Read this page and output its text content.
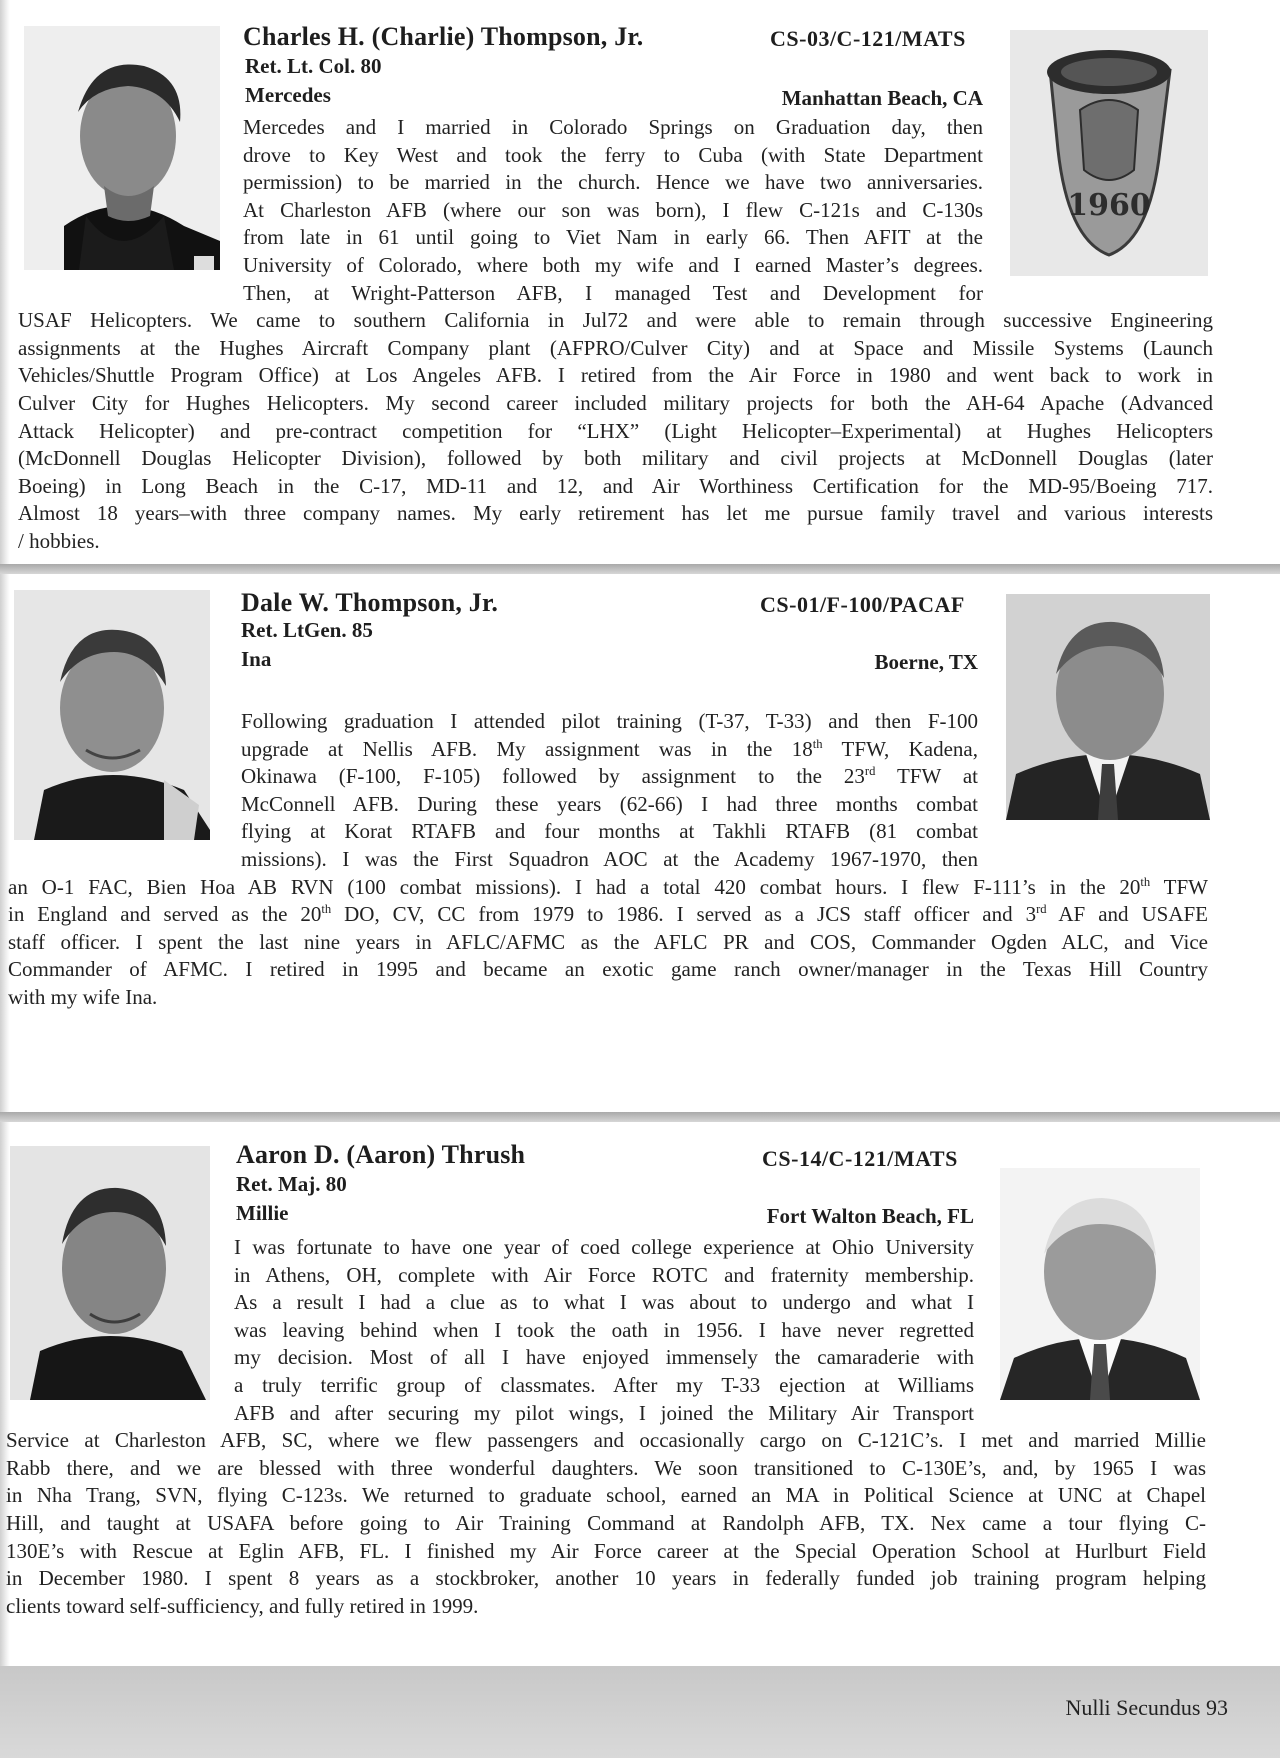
Charles H. (Charlie) Thompson, Jr.	CS-03/C-121/MATS
Ret. Lt. Col. 80
Mercedes	Manhattan Beach, CA
1960
Mercedes and I married in Colorado Springs on Graduation day, then
drove to Key West and took the ferry to Cuba (with State Department
permission) to be married in the church. Hence we have two anniversaries.
At Charleston AFB (where our son was born), I flew C-121s and C-130s
from late in 61 until going to Viet Nam in early 66. Then AFIT at the
University of Colorado, where both my wife and I earned Master’s degrees.
Then, at Wright-Patterson AFB, I managed Test and Development for
USAF Helicopters. We came to southern California in Jul72 and were able to remain through successive Engineering
assignments at the Hughes Aircraft Company plant (AFPRO/Culver City) and at Space and Missile Systems (Launch
Vehicles/Shuttle Program Office) at Los Angeles AFB. I retired from the Air Force in 1980 and went back to work in
Culver City for Hughes Helicopters. My second career included military projects for both the AH-64 Apache (Advanced
Attack Helicopter) and pre-contract competition for “LHX” (Light Helicopter–Experimental) at Hughes Helicopters
(McDonnell Douglas Helicopter Division), followed by both military and civil projects at McDonnell Douglas (later
Boeing) in Long Beach in the C-17, MD-11 and 12, and Air Worthiness Certification for the MD-95/Boeing 717.
Almost 18 years–with three company names. My early retirement has let me pursue family travel and various interests
/ hobbies.
Dale W. Thompson, Jr.	CS-01/F-100/PACAF
Ret. LtGen. 85
Ina	Boerne, TX
Following graduation I attended pilot training (T-37, T-33) and then F-100
upgrade at Nellis AFB. My assignment was in the 18th TFW, Kadena,
Okinawa (F-100, F-105) followed by assignment to the 23rd TFW at
McConnell AFB. During these years (62-66) I had three months combat
flying at Korat RTAFB and four months at Takhli RTAFB (81 combat
missions). I was the First Squadron AOC at the Academy 1967-1970, then
an O-1 FAC, Bien Hoa AB RVN (100 combat missions). I had a total 420 combat hours. I flew F-111’s in the 20th TFW
in England and served as the 20th DO, CV, CC from 1979 to 1986. I served as a JCS staff officer and 3rd AF and USAFE
staff officer. I spent the last nine years in AFLC/AFMC as the AFLC PR and COS, Commander Ogden ALC, and Vice
Commander of AFMC. I retired in 1995 and became an exotic game ranch owner/manager in the Texas Hill Country
with my wife Ina.
Aaron D. (Aaron) Thrush	CS-14/C-121/MATS
Ret. Maj. 80
Millie	Fort Walton Beach, FL
I was fortunate to have one year of coed college experience at Ohio University
in Athens, OH, complete with Air Force ROTC and fraternity membership.
As a result I had a clue as to what I was about to undergo and what I
was leaving behind when I took the oath in 1956. I have never regretted
my decision. Most of all I have enjoyed immensely the camaraderie with
a truly terrific group of classmates. After my T-33 ejection at Williams
AFB and after securing my pilot wings, I joined the Military Air Transport
Service at Charleston AFB, SC, where we flew passengers and occasionally cargo on C-121C’s. I met and married Millie
Rabb there, and we are blessed with three wonderful daughters. We soon transitioned to C-130E’s, and, by 1965 I was
in Nha Trang, SVN, flying C-123s. We returned to graduate school, earned an MA in Political Science at UNC at Chapel
Hill, and taught at USAFA before going to Air Training Command at Randolph AFB, TX. Nex came a tour flying C-
130E’s with Rescue at Eglin AFB, FL. I finished my Air Force career at the Special Operation School at Hurlburt Field
in December 1980. I spent 8 years as a stockbroker, another 10 years in federally funded job training program helping
clients toward self-sufficiency, and fully retired in 1999.
Nulli Secundus 93
